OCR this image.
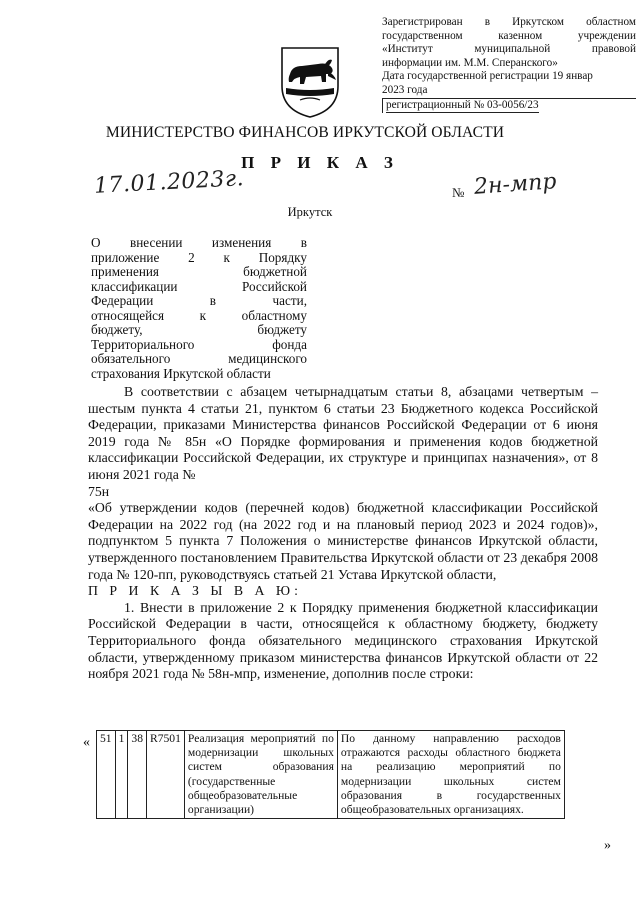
Зарегистрирован в Иркутском областном
государственном казенном учреждении
«Институт муниципальной правовой
информации им. М.М. Сперанского»
Дата государственной регистрации 19 январ
2023 года
регистрационный № 03-0056/23
МИНИСТЕРСТВО ФИНАНСОВ ИРКУТСКОЙ ОБЛАСТИ
П Р И К А З
17.01.2023г.	№ 2н-мпр
Иркутск
О внесении изменения в
приложение 2 к Порядку
применения бюджетной
классификации Российской
Федерации в части,
относящейся к областному
бюджету, бюджету
Территориального фонда
обязательного медицинского
страхования Иркутской области

В соответствии с абзацем четырнадцатым статьи 8, абзацами четвертым – шестым пункта 4 статьи 21, пунктом 6 статьи 23 Бюджетного кодекса Российской Федерации, приказами Министерства финансов Российской Федерации от 6 июня 2019 года № 85н «О Порядке формирования и применения кодов бюджетной классификации Российской Федерации, их структуре и принципах назначения», от 8 июня 2021 года №

75н

«Об утверждении кодов (перечней кодов) бюджетной классификации Российской Федерации на 2022 год (на 2022 год и на плановый период 2023 и 2024 годов)», подпунктом 5 пункта 7 Положения о министерстве финансов Иркутской области, утвержденного постановлением Правительства Иркутской области от 23 декабря 2008 года № 120-пп, руководствуясь статьей 21 Устава Иркутской области,

П Р И К А З Ы В А Ю:

1. Внести в приложение 2 к Порядку применения бюджетной классификации Российской Федерации в части, относящейся к областному бюджету, бюджету Территориального фонда обязательного медицинского страхования Иркутской области, утвержденному приказом министерства финансов Иркутской области от 22 ноября 2021 года № 58н-мпр, изменение, дополнив после строки:

« 51	1	38	R7501	Реализация мероприятий по модернизации школьных систем образования (государственные общеобразовательные организации)	По данному направлению расходов отражаются расходы областного бюджета на реализацию мероприятий по модернизации школьных систем образования в государственных общеобразовательных организациях.
»
